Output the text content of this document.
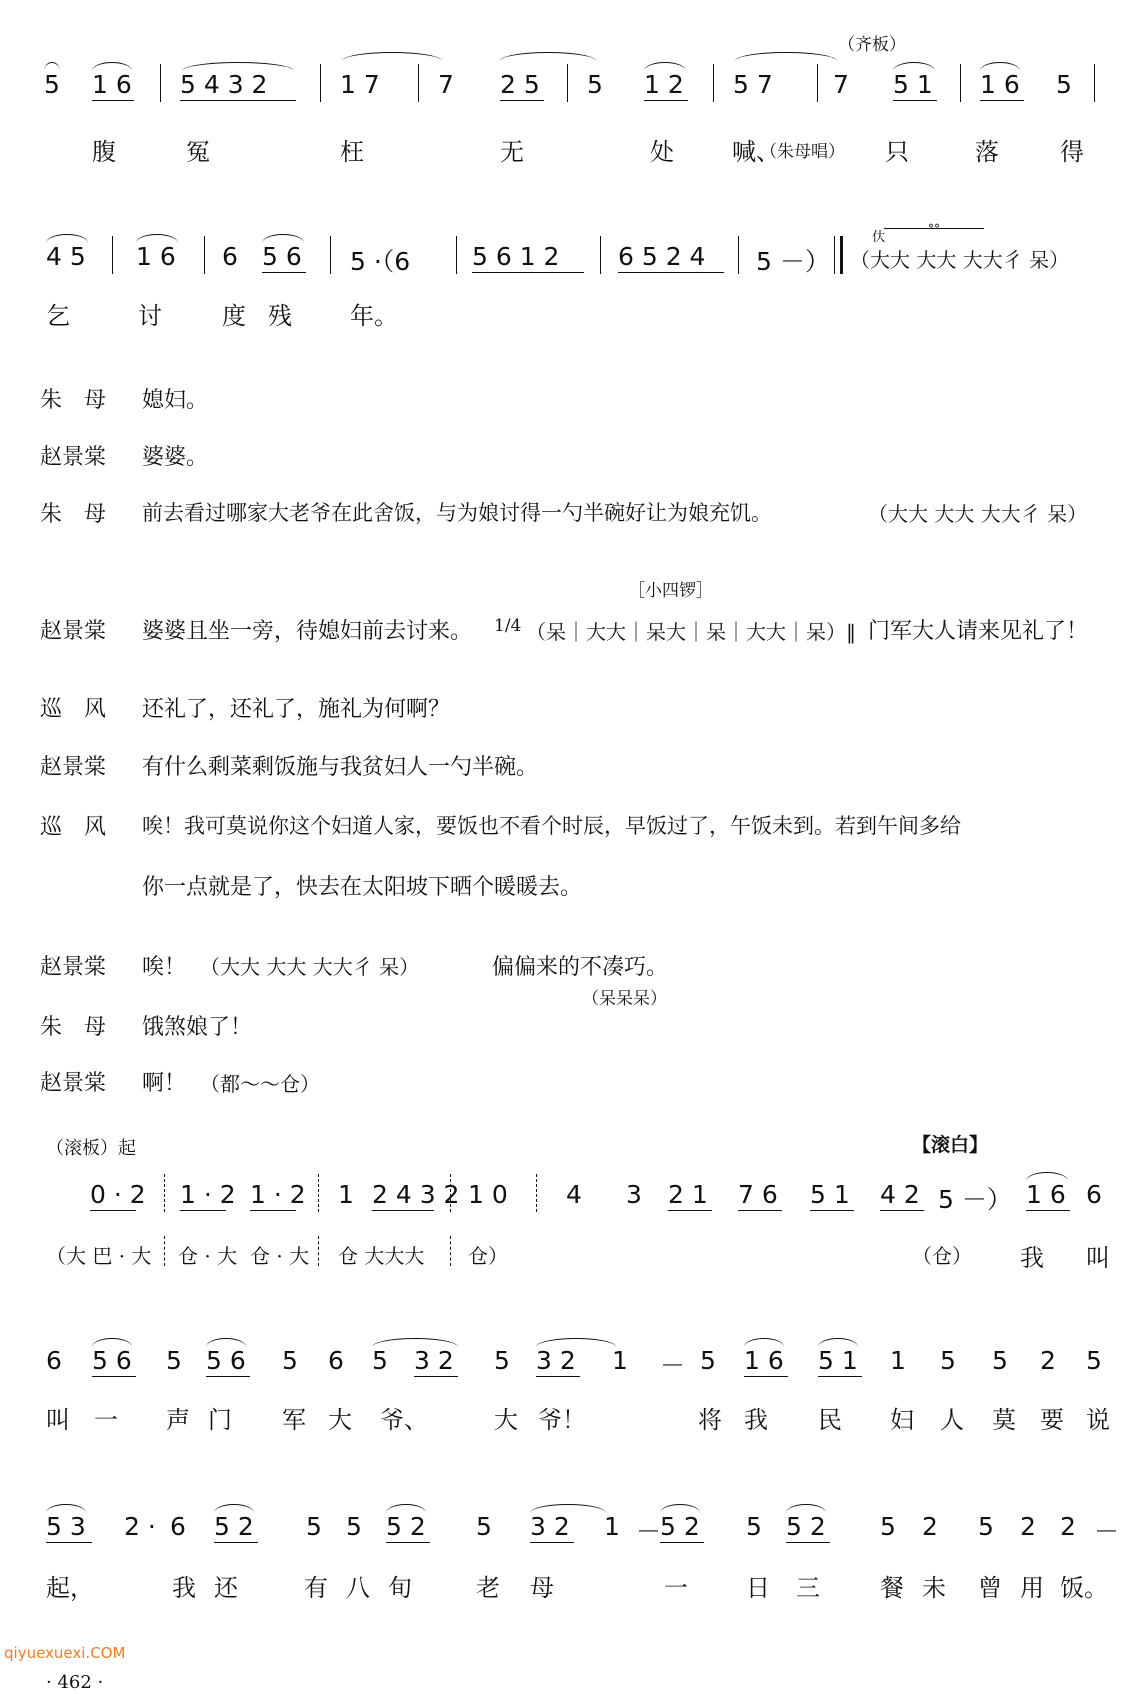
（齐板）
5 1 6 5 4 3 2	1 7 7 2 5 5 1 2 5 7 7 5 1 1 6 5
腹	冤	枉	无	处 喊、
（朱母唱） 只	落	得
4 5 1 6 6 5 6 5 ·（6 5 6 1 2 6 5 2 4 5 －） （大大 大大 大大彳 呆）
㐲
°°
乞	讨	度 残 年。
朱　母	媳妇。
赵景棠	婆婆。
朱　母	前去看过哪家大老爷在此舍饭，与为娘讨得一勺半碗好让为娘充饥。	（大大 大大 大大彳 呆）
［小四锣］
赵景棠	婆婆且坐一旁，待媳妇前去讨来。 1/4 （呆｜大大｜呆大｜呆｜大大｜呆）‖ 门军大人请来见礼了！
巡　风	还礼了，还礼了，施礼为何啊？
赵景棠	有什么剩菜剩饭施与我贫妇人一勺半碗。
巡　风	唉！我可莫说你这个妇道人家，要饭也不看个时辰，早饭过了，午饭未到。若到午间多给
你一点就是了，快去在太阳坡下晒个暖暖去。
赵景棠	唉！ （大大 大大 大大彳 呆）	偏偏来的不凑巧。
（呆呆呆）
朱　母	饿煞娘了！
赵景棠	啊！ （都～～仓）
（滚板）起	【滚白】
0 · 2 1 · 2 1 · 2 1 2 4 3 2 1 0 4 3 2 1 7 6 5 1 4 2 5 －） 1 6 6
（大 巴 · 大 仓 · 大 仓 · 大 仓 大大大 仓）	（仓） 我 叫
6 5 6 5 5 6 5 6 5 3 2 5 3 2 1 － 5 1 6 5 1 1 5 5 2 5
叫 一 声 门 军 大 爷、	大 爷！	将 我 民 妇 人 莫 要 说
5 3 2 · 6 5 2 5 5 5 2 5 3 2 1 －
5 2 5 5 2 5 2 5 2 2 －
起，	我 还	有 八 旬	老 母	一 日 三	餐 未 曾 用 饭。
qiyuexuexi.COM
· 462 ·
